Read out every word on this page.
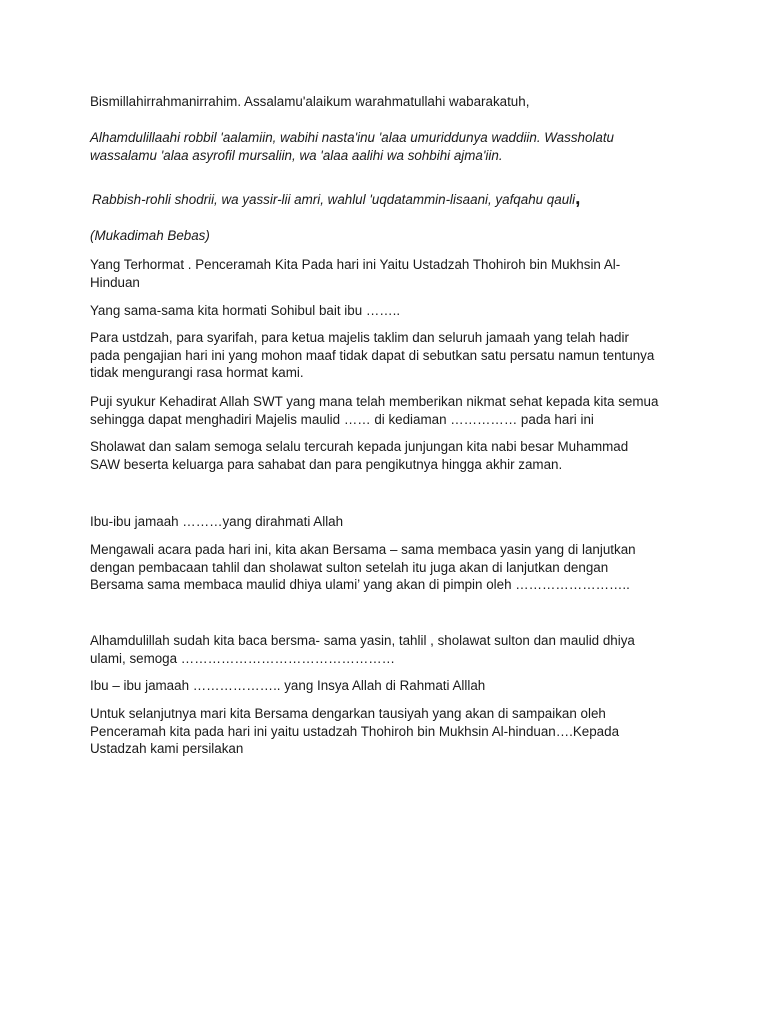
Bismillahirrahmanirrahim. Assalamu'alaikum warahmatullahi wabarakatuh,

Alhamdulillaahi robbil 'aalamiin, wabihi nasta'inu 'alaa umuriddunya waddiin. Wassholatu
wassalamu 'alaa asyrofil mursaliin, wa 'alaa aalihi wa sohbihi ajma'iin.

Rabbish-rohli shodrii, wa yassir-lii amri, wahlul 'uqdatammin-lisaani, yafqahu qauli,

(Mukadimah Bebas)

Yang Terhormat . Penceramah Kita Pada hari ini Yaitu Ustadzah Thohiroh bin Mukhsin Al-
Hinduan

Yang sama-sama kita hormati Sohibul bait ibu ……..

Para ustdzah, para syarifah, para ketua majelis taklim dan seluruh jamaah yang telah hadir
pada pengajian hari ini yang mohon maaf tidak dapat di sebutkan satu persatu namun tentunya
tidak mengurangi rasa hormat kami.

Puji syukur Kehadirat Allah SWT yang mana telah memberikan nikmat sehat kepada kita semua
sehingga dapat menghadiri Majelis maulid …… di kediaman …………… pada hari ini

Sholawat dan salam semoga selalu tercurah kepada junjungan kita nabi besar Muhammad
SAW beserta keluarga para sahabat dan para pengikutnya hingga akhir zaman.

Ibu-ibu jamaah ………yang dirahmati Allah

Mengawali acara pada hari ini, kita akan Bersama – sama membaca yasin yang di lanjutkan
dengan pembacaan tahlil dan sholawat sulton setelah itu juga akan di lanjutkan dengan
Bersama sama membaca maulid dhiya ulami’ yang akan di pimpin oleh ……………………..

Alhamdulillah sudah kita baca bersma- sama yasin, tahlil , sholawat sulton dan maulid dhiya
ulami, semoga …………………………………………

Ibu – ibu jamaah ……………….. yang Insya Allah di Rahmati Alllah

Untuk selanjutnya mari kita Bersama dengarkan tausiyah yang akan di sampaikan oleh
Penceramah kita pada hari ini yaitu ustadzah Thohiroh bin Mukhsin Al-hinduan….Kepada
Ustadzah kami persilakan
